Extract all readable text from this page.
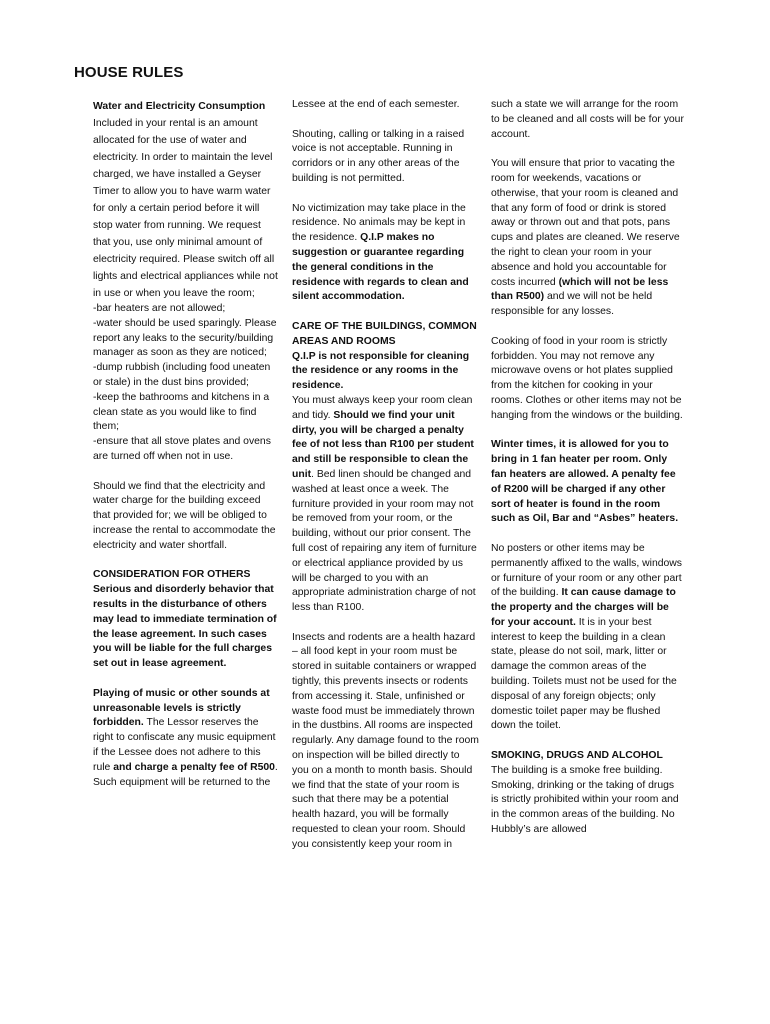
HOUSE RULES

Water and Electricity Consumption
Included in your rental is an amount allocated for the use of water and electricity. In order to maintain the level charged, we have installed a Geyser Timer to allow you to have warm water for only a certain period before it will stop water from running. We request that you, use only minimal amount of electricity required. Please switch off all lights and electrical appliances while not in use or when you leave the room;

-bar heaters are not allowed;
-water should be used sparingly. Please report any leaks to the security/building manager as soon as they are noticed;
-dump rubbish (including food uneaten or stale) in the dust bins provided;
-keep the bathrooms and kitchens in a clean state as you would like to find them;
-ensure that all stove plates and ovens are turned off when not in use.

Should we find that the electricity and water charge for the building exceed that provided for; we will be obliged to increase the rental to accommodate the electricity and water shortfall.

CONSIDERATION FOR OTHERS
Serious and disorderly behavior that results in the disturbance of others may lead to immediate termination of the lease agreement. In such cases you will be liable for the full charges set out in lease agreement.

Playing of music or other sounds at unreasonable levels is strictly forbidden. The Lessor reserves the right to confiscate any music equipment if the Lessee does not adhere to this rule and charge a penalty fee of R500. Such equipment will be returned to the

Lessee at the end of each semester.

Shouting, calling or talking in a raised voice is not acceptable. Running in corridors or in any other areas of the building is not permitted.

No victimization may take place in the residence. No animals may be kept in the residence. Q.I.P makes no suggestion or guarantee regarding the general conditions in the residence with regards to clean and silent accommodation.

CARE OF THE BUILDINGS, COMMON AREAS AND ROOMS
Q.I.P is not responsible for cleaning the residence or any rooms in the residence.
You must always keep your room clean and tidy. Should we find your unit dirty, you will be charged a penalty fee of not less than R100 per student and still be responsible to clean the unit. Bed linen should be changed and washed at least once a week. The furniture provided in your room may not be removed from your room, or the building, without our prior consent. The full cost of repairing any item of furniture or electrical appliance provided by us will be charged to you with an appropriate administration charge of not less than R100.

Insects and rodents are a health hazard – all food kept in your room must be stored in suitable containers or wrapped tightly, this prevents insects or rodents from accessing it. Stale, unfinished or waste food must be immediately thrown in the dustbins. All rooms are inspected regularly. Any damage found to the room on inspection will be billed directly to you on a month to month basis. Should we find that the state of your room is such that there may be a potential health hazard, you will be formally requested to clean your room. Should you consistently keep your room in

such a state we will arrange for the room to be cleaned and all costs will be for your account.

You will ensure that prior to vacating the room for weekends, vacations or otherwise, that your room is cleaned and that any form of food or drink is stored away or thrown out and that pots, pans cups and plates are cleaned. We reserve the right to clean your room in your absence and hold you accountable for costs incurred (which will not be less than R500) and we will not be held responsible for any losses.

Cooking of food in your room is strictly forbidden. You may not remove any microwave ovens or hot plates supplied from the kitchen for cooking in your rooms. Clothes or other items may not be hanging from the windows or the building.

Winter times, it is allowed for you to bring in 1 fan heater per room. Only fan heaters are allowed. A penalty fee of R200 will be charged if any other sort of heater is found in the room such as Oil, Bar and “Asbes” heaters.

No posters or other items may be permanently affixed to the walls, windows or furniture of your room or any other part of the building. It can cause damage to the property and the charges will be for your account. It is in your best interest to keep the building in a clean state, please do not soil, mark, litter or damage the common areas of the building. Toilets must not be used for the disposal of any foreign objects; only domestic toilet paper may be flushed down the toilet.

SMOKING, DRUGS AND ALCOHOL
The building is a smoke free building. Smoking, drinking or the taking of drugs is strictly prohibited within your room and in the common areas of the building. No Hubbly’s are allowed
